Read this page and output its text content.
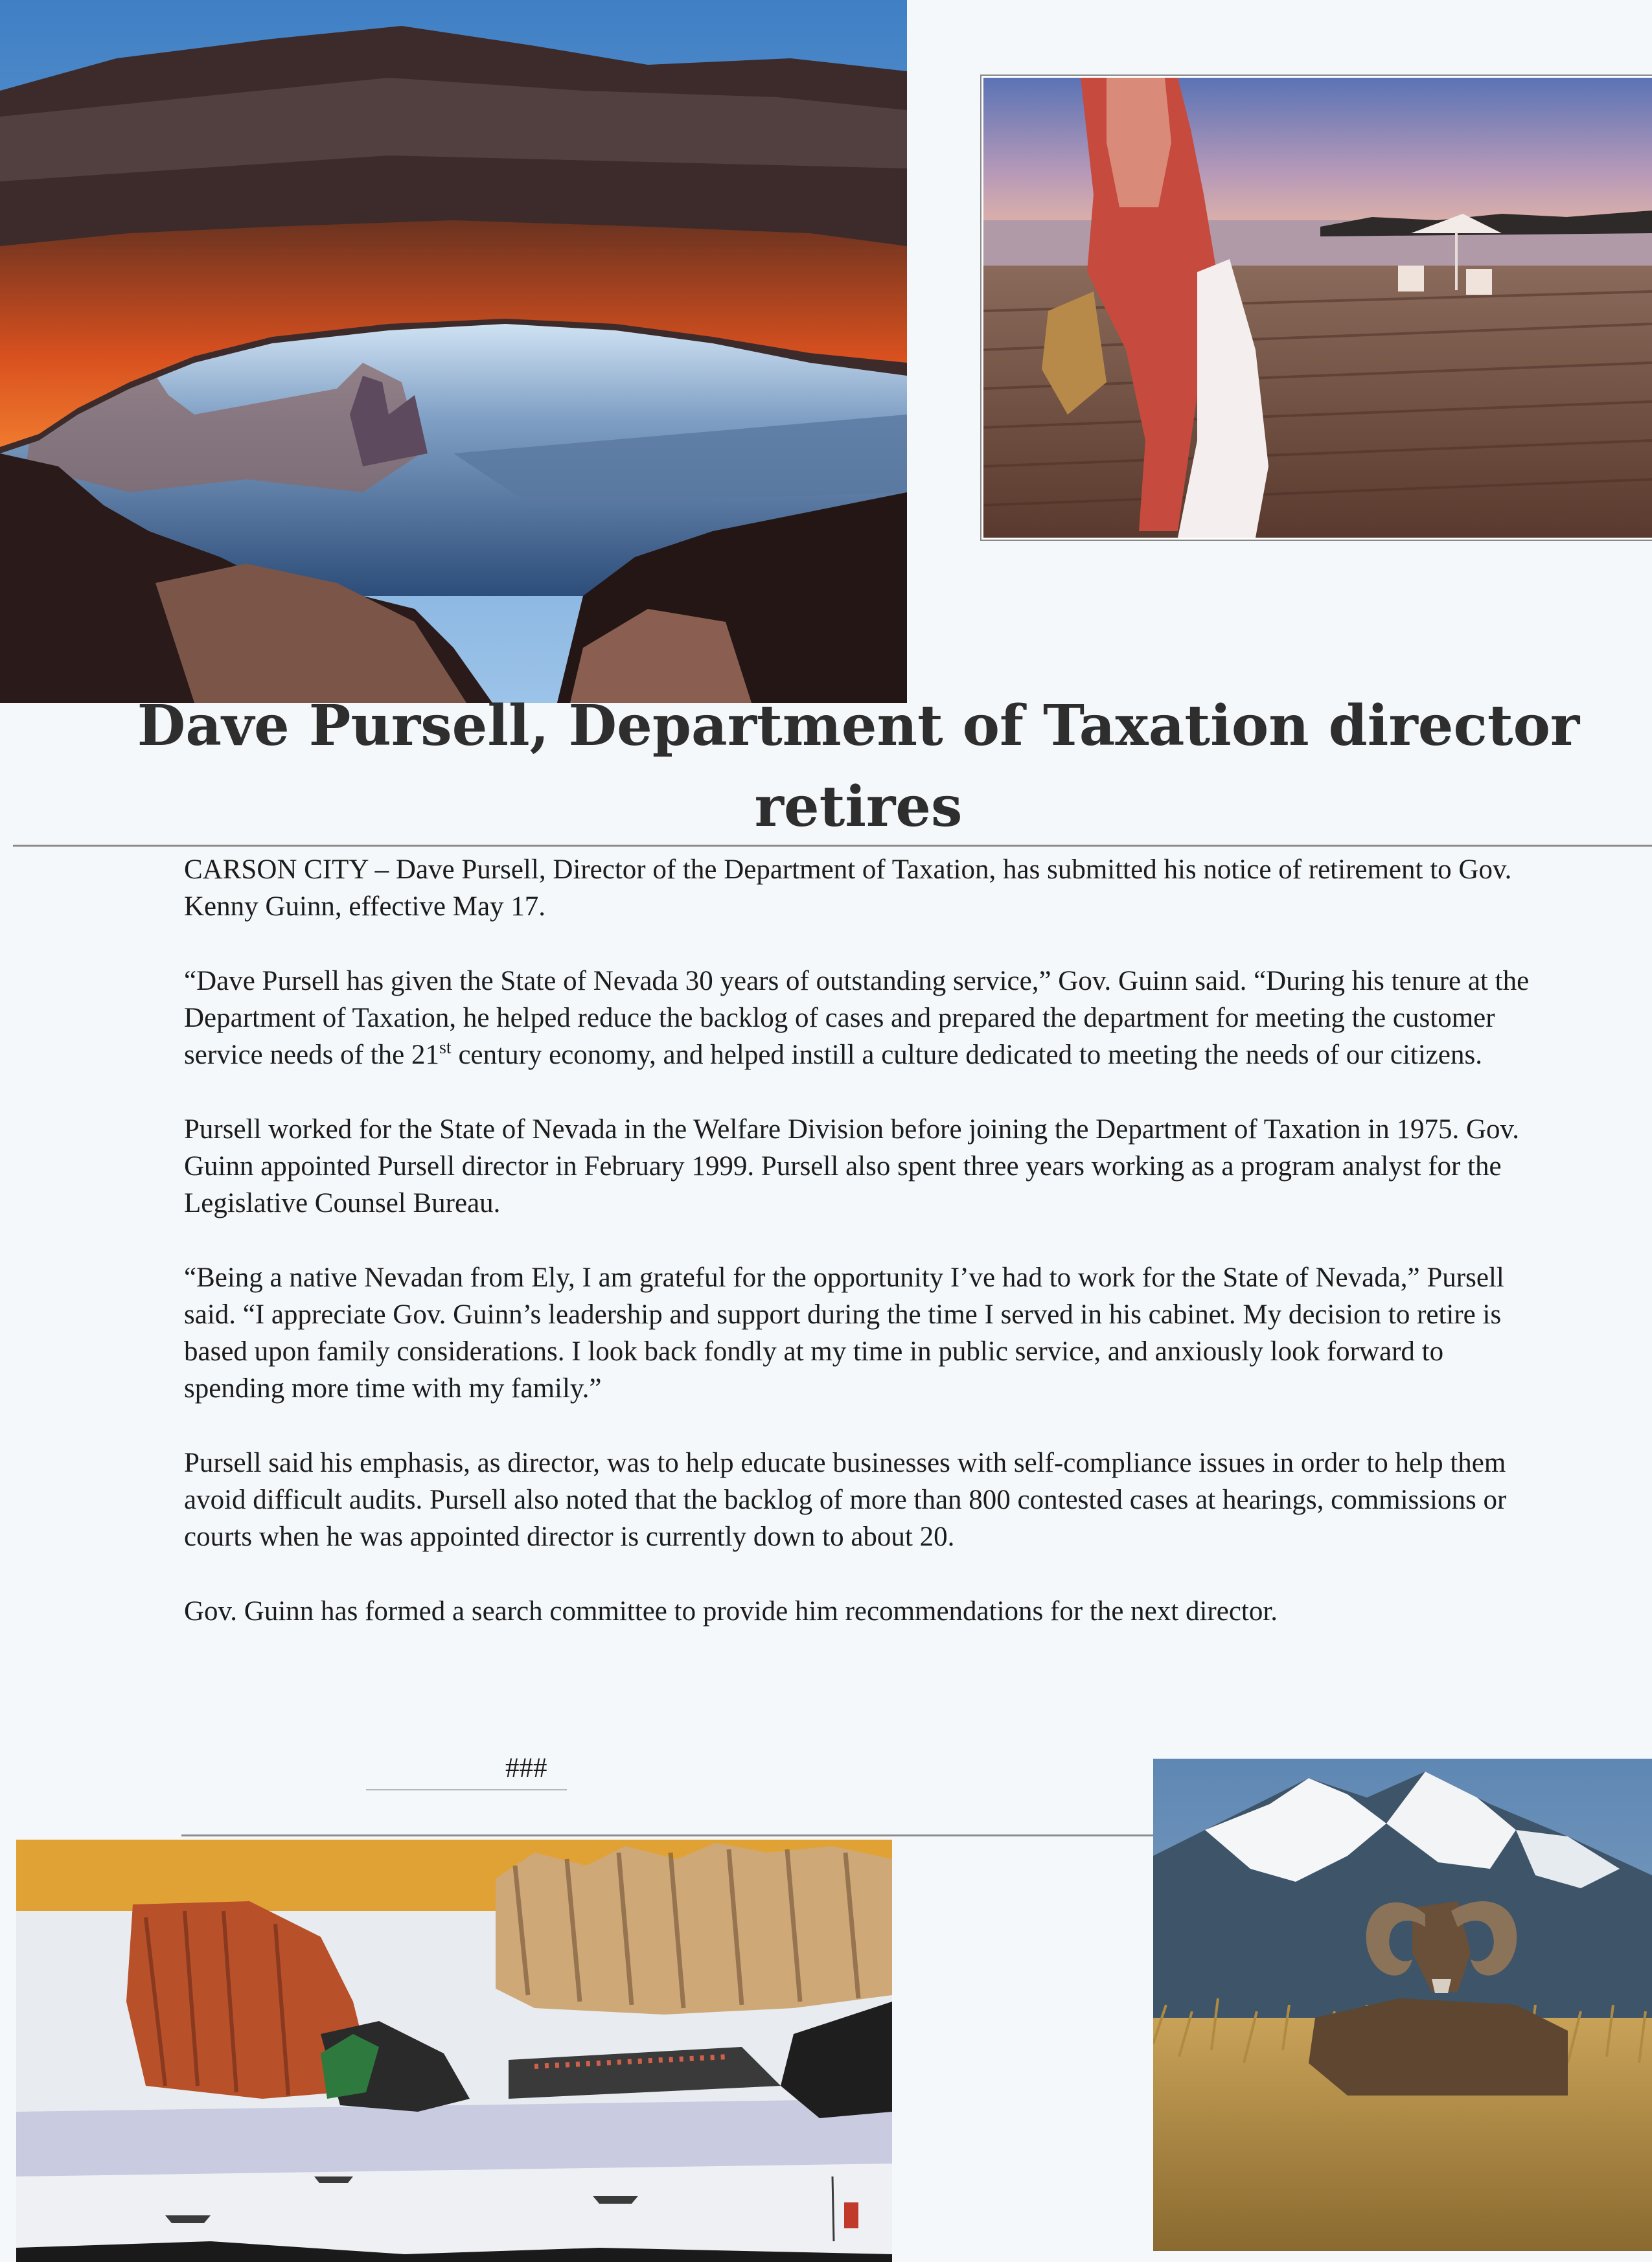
Dave Pursell, Department of Taxation director retires

CARSON CITY – Dave Pursell, Director of the Department of Taxation, has submitted his notice of retirement to Gov. Kenny Guinn, effective May 17.

“Dave Pursell has given the State of Nevada 30 years of outstanding service,” Gov. Guinn said. “During his tenure at the Department of Taxation, he helped reduce the backlog of cases and prepared the department for meeting the customer service needs of the 21st century economy, and helped instill a culture dedicated to meeting the needs of our citizens.

Pursell worked for the State of Nevada in the Welfare Division before joining the Department of Taxation in 1975. Gov. Guinn appointed Pursell director in February 1999. Pursell also spent three years working as a program analyst for the Legislative Counsel Bureau.

“Being a native Nevadan from Ely, I am grateful for the opportunity I’ve had to work for the State of Nevada,” Pursell said. “I appreciate Gov. Guinn’s leadership and support during the time I served in his cabinet. My decision to retire is based upon family considerations. I look back fondly at my time in public service, and anxiously look forward to spending more time with my family.”

Pursell said his emphasis, as director, was to help educate businesses with self-compliance issues in order to help them avoid difficult audits. Pursell also noted that the backlog of more than 800 contested cases at hearings, commissions or courts when he was appointed director is currently down to about 20.

Gov. Guinn has formed a search committee to provide him recommendations for the next director.

###
